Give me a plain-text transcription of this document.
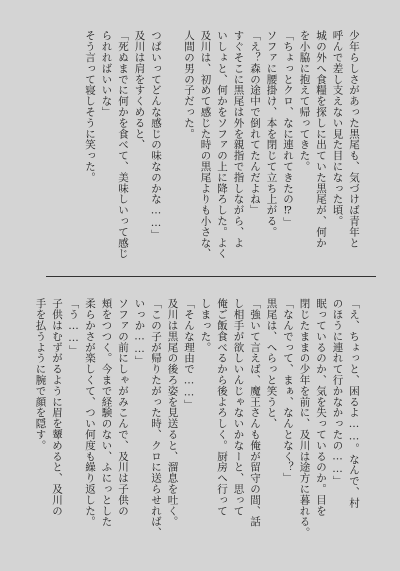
少年らしさがあった黒尾も、気づけば青年と

呼んで差し支えない見た目になった頃。

城の外へ食糧を探しに出ていた黒尾が、何か

を小脇に抱えて帰ってきた。

「ちょっとクロ、なに連れてきたの⁉」

ソファに腰掛け、本を閉じて立ち上がる。

「え？森の途中で倒れてたんだよね」

すぐそこに黒尾は外を親指で指しながら、よ

いしょと、何かをソファの上に降ろした。よく

及川は、初めて感じた時の黒尾よりも小さな、

人間の男の子だった。

つぱいってどんな感じの味なのかな……」

及川は肩をすくめると、

「死ぬまでに何かを食べて、美味しいって感じ

られればいいな」

そう言って寝しそうに笑った。

「え、ちょっと、困るよ……。なんで、村

のほうに連れて行かなかったの……」

眠っているのか、気を失っているのか。目を

閉じたままの少年を前に、及川は途方に暮れる。

「なんでって、まぁ、なんとなく？」

黒尾は、へらっと笑うと、

「強いて言えば、魔王さんも俺が留守の間、話

し相手が欲しいんじゃないかなーと、思って

俺ご飯食べるから後よろしく。厨房へ行って

しまった。

「そんな理由で……」

及川は黒尾の後ろ姿を見送ると、溜息を吐く。

「この子が帰りたがった時、クロに送らせれば、

いっか……」

ソファの前にしゃがみこんで、及川は子供の

頬をつつく。今まで経験のない、ふにっとした

柔らかさが楽しくて、つい何度も繰り返した。

「う……」

子供はむずがるように眉を顰めると、及川の

手を払うように腕で顔を隠す。
